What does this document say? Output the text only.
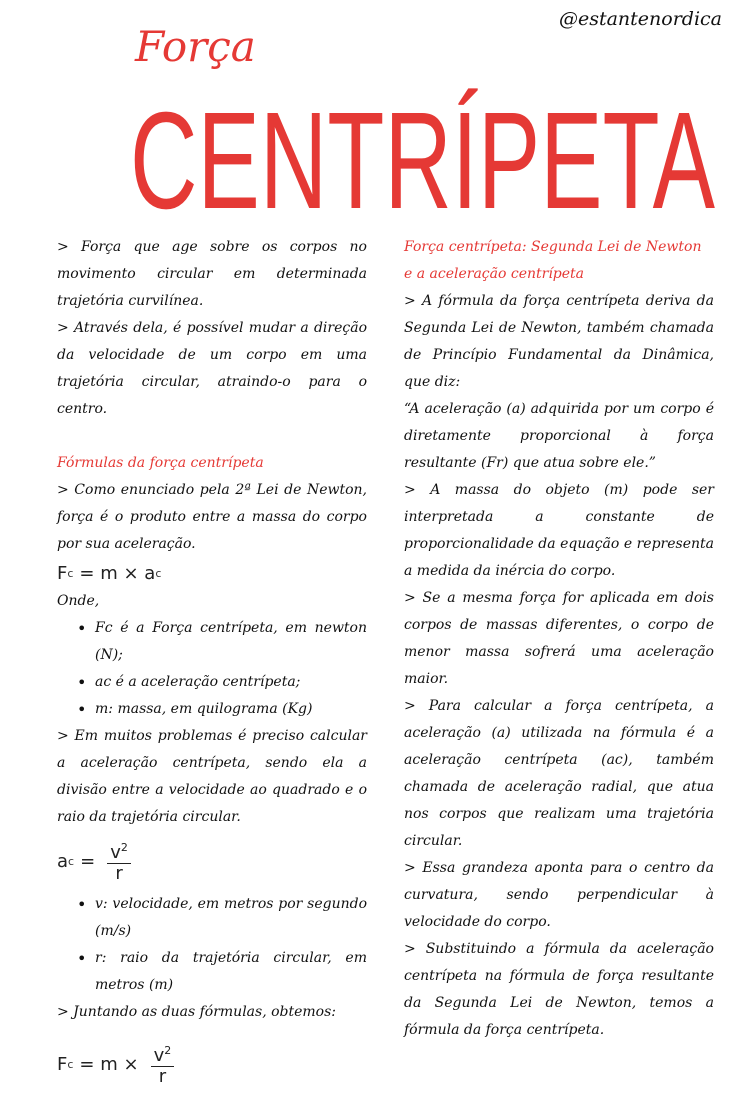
@estantenordica
Força
CENTRÍPETA

> Força que age sobre os corpos no movimento circular em determinada trajetória curvilínea.

> Através dela, é possível mudar a direção da velocidade de um corpo em uma trajetória circular, atraindo-o para o centro.

Fórmulas da força centrípeta

> Como enunciado pela 2ª Lei de Newton, força é o produto entre a massa do corpo por sua aceleração.

F c = m × a c

Onde,

• Fc é a Força centrípeta, em newton (N);
• ac é a aceleração centrípeta;
• m: massa, em quilograma (Kg)

> Em muitos problemas é preciso calcular a aceleração centrípeta, sendo ela a divisão entre a velocidade ao quadrado e o raio da trajetória circular.

a $c = \frac{v^2}{r}$
• v: velocidade, em metros por segundo (m/s)
• r: raio da trajetória circular, em metros (m)

> Juntando as duas fórmulas, obtemos:

F $c = m \times \frac{v^2}{r}$

Força centrípeta: Segunda Lei de Newton e a aceleração centrípeta

> A fórmula da força centrípeta deriva da Segunda Lei de Newton, também chamada de Princípio Fundamental da Dinâmica, que diz:

“A aceleração (a) adquirida por um corpo é diretamente proporcional à força resultante (Fr) que atua sobre ele.”

> A massa do objeto (m) pode ser interpretada a constante de proporcionalidade da equação e representa a medida da inércia do corpo.

> Se a mesma força for aplicada em dois corpos de massas diferentes, o corpo de menor massa sofrerá uma aceleração maior.

> Para calcular a força centrípeta, a aceleração (a) utilizada na fórmula é a aceleração centrípeta (ac), também chamada de aceleração radial, que atua nos corpos que realizam uma trajetória circular.

> Essa grandeza aponta para o centro da curvatura, sendo perpendicular à velocidade do corpo.

> Substituindo a fórmula da aceleração centrípeta na fórmula de força resultante da Segunda Lei de Newton, temos a fórmula da força centrípeta.
